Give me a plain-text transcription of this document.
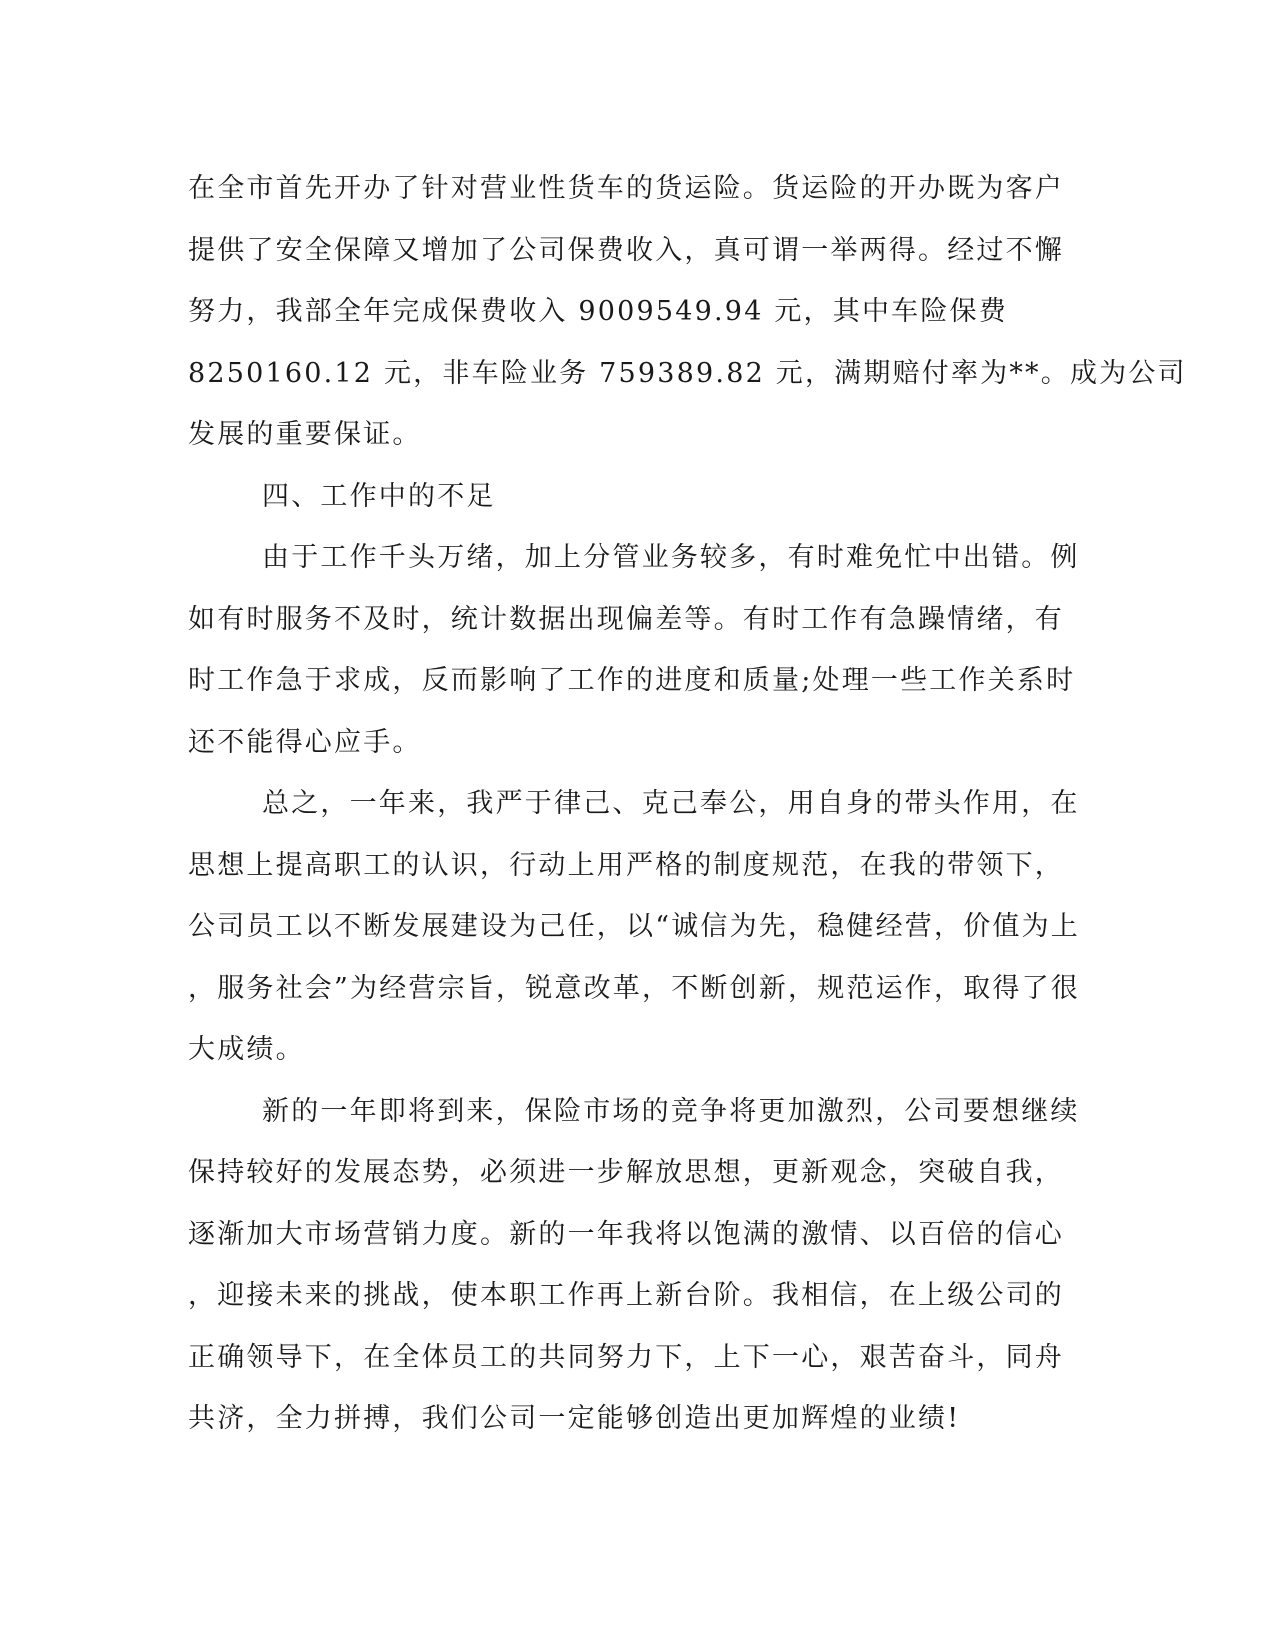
在全市首先开办了针对营业性货车的货运险。货运险的开办既为客户
提供了安全保障又增加了公司保费收入，真可谓一举两得。经过不懈
努力，我部全年完成保费收入 9009549.94 元，其中车险保费
8250160.12 元，非车险业务 759389.82 元，满期赔付率为**。成为公司
发展的重要保证。
四、工作中的不足
由于工作千头万绪，加上分管业务较多，有时难免忙中出错。例
如有时服务不及时，统计数据出现偏差等。有时工作有急躁情绪，有
时工作急于求成，反而影响了工作的进度和质量;处理一些工作关系时
还不能得心应手。
总之，一年来，我严于律己、克己奉公，用自身的带头作用，在
思想上提高职工的认识，行动上用严格的制度规范，在我的带领下，
公司员工以不断发展建设为己任，以“诚信为先，稳健经营，价值为上
，服务社会”为经营宗旨，锐意改革，不断创新，规范运作，取得了很
大成绩。
新的一年即将到来，保险市场的竞争将更加激烈，公司要想继续
保持较好的发展态势，必须进一步解放思想，更新观念，突破自我，
逐渐加大市场营销力度。新的一年我将以饱满的激情、以百倍的信心
，迎接未来的挑战，使本职工作再上新台阶。我相信，在上级公司的
正确领导下，在全体员工的共同努力下，上下一心，艰苦奋斗，同舟
共济，全力拼搏，我们公司一定能够创造出更加辉煌的业绩!
